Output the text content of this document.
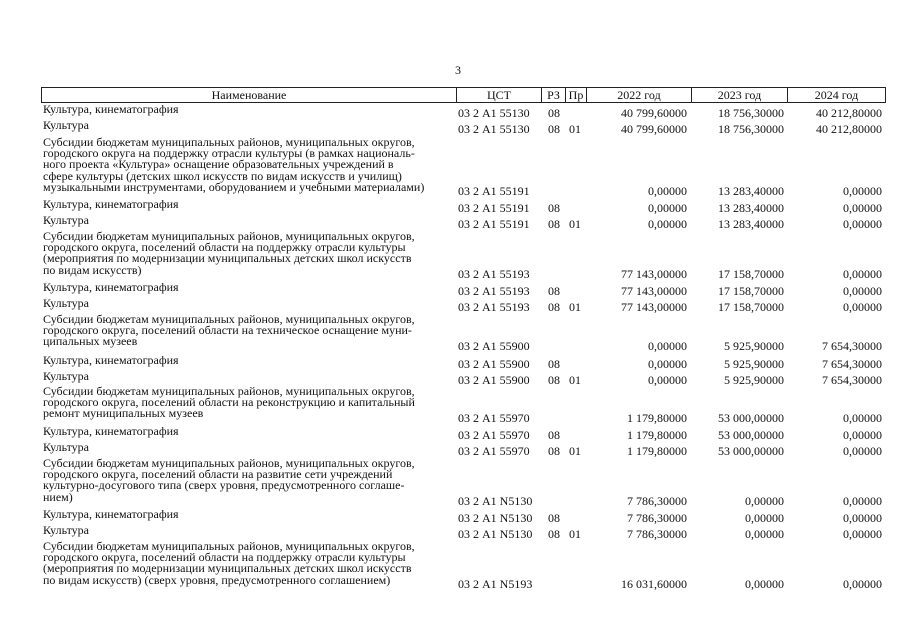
3
Наименование	ЦСТ	РЗ Пр	2022 год	2023 год	2024 год
Культура, кинематография	03 2 А1 55130 08	40 799,60000	18 756,30000	40 212,80000
Культура	03 2 А1 55130 08 01	40 799,60000	18 756,30000	40 212,80000
Субсидии бюджетам муниципальных районов, муниципальных округов,
городского округа на поддержку отрасли культуры (в рамках националь-
ного проекта «Культура» оснащение образовательных учреждений в
сфере культуры (детских школ искусств по видам искусств и училищ)
музыкальными инструментами, оборудованием и учебными материалами)	03 2 А1 55191	0,00000	13 283,40000	0,00000
Культура, кинематография	03 2 А1 55191 08	0,00000	13 283,40000	0,00000
Культура	03 2 А1 55191 08 01	0,00000	13 283,40000	0,00000
Субсидии бюджетам муниципальных районов, муниципальных округов,
городского округа, поселений области на поддержку отрасли культуры
(мероприятия по модернизации муниципальных детских школ искусств
по видам искусств)	03 2 А1 55193	77 143,00000	17 158,70000	0,00000
Культура, кинематография	03 2 А1 55193 08	77 143,00000	17 158,70000	0,00000
Культура	03 2 А1 55193 08 01	77 143,00000	17 158,70000	0,00000
Субсидии бюджетам муниципальных районов, муниципальных округов,
городского округа, поселений области на техническое оснащение муни-
ципальных музеев	03 2 А1 55900	0,00000	5 925,90000	7 654,30000
Культура, кинематография	03 2 А1 55900 08	0,00000	5 925,90000	7 654,30000
Культура	03 2 А1 55900 08 01	0,00000	5 925,90000	7 654,30000
Субсидии бюджетам муниципальных районов, муниципальных округов,
городского округа, поселений области на реконструкцию и капитальный
ремонт муниципальных музеев	03 2 А1 55970	1 179,80000	53 000,00000	0,00000
Культура, кинематография	03 2 А1 55970 08	1 179,80000	53 000,00000	0,00000
Культура	03 2 А1 55970 08 01	1 179,80000	53 000,00000	0,00000
Субсидии бюджетам муниципальных районов, муниципальных округов,
городского округа, поселений области на развитие сети учреждений
культурно-досугового типа (сверх уровня, предусмотренного соглаше-
нием)	03 2 А1 N5130	7 786,30000	0,00000	0,00000
Культура, кинематография	03 2 А1 N5130 08	7 786,30000	0,00000	0,00000
Культура	03 2 А1 N5130 08 01	7 786,30000	0,00000	0,00000
Субсидии бюджетам муниципальных районов, муниципальных округов,
городского округа, поселений области на поддержку отрасли культуры
(мероприятия по модернизации муниципальных детских школ искусств
по видам искусств) (сверх уровня, предусмотренного соглашением)	03 2 А1 N5193	16 031,60000	0,00000	0,00000
